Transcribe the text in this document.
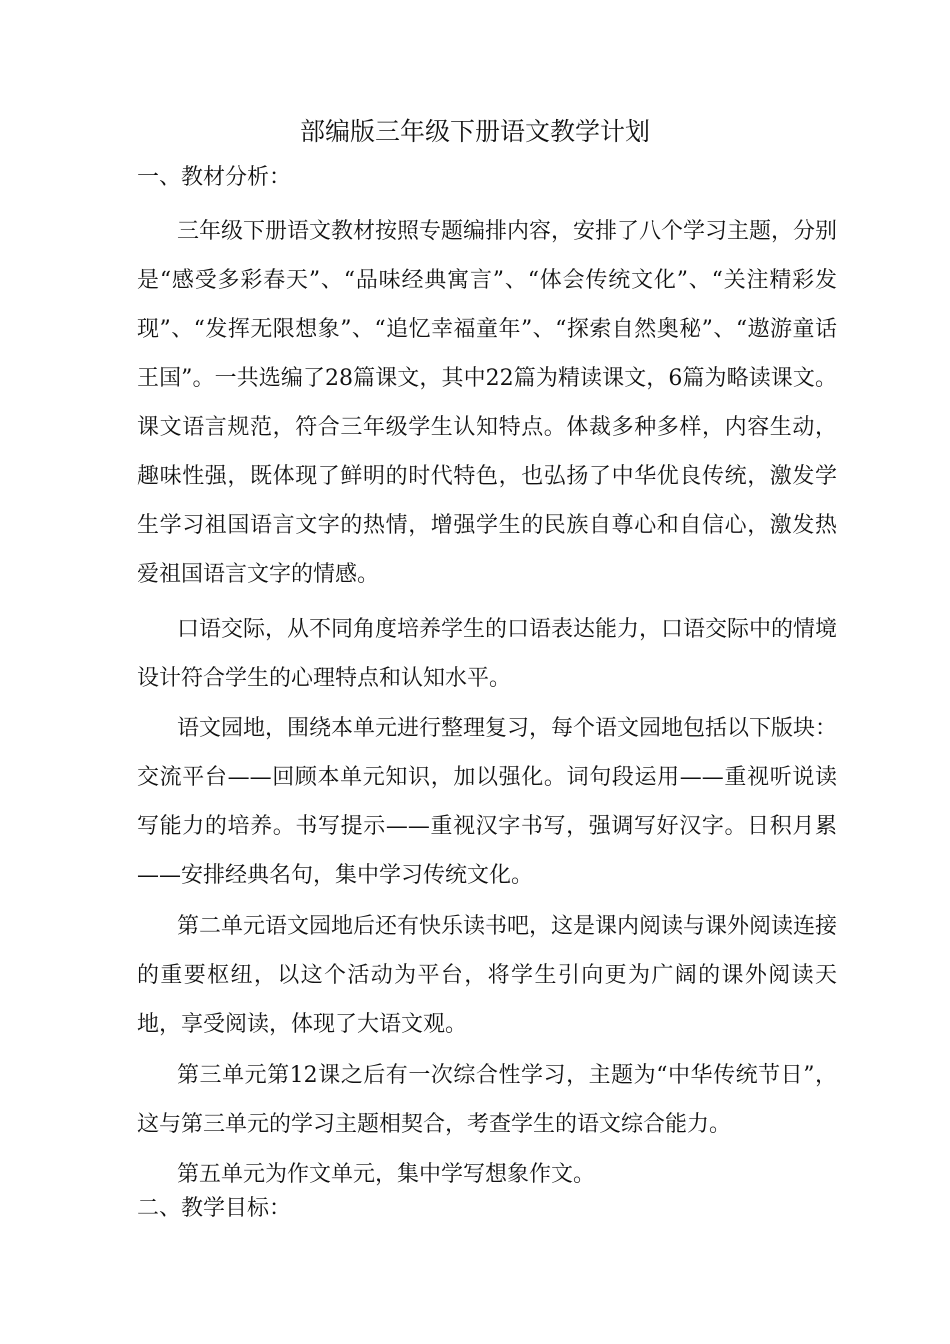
部编版三年级下册语文教学计划
一、教材分析：

三年级下册语文教材按照专题编排内容，安排了八个学习主题，分别是“感受多彩春天”、“品味经典寓言”、“体会传统文化”、“关注精彩发现”、“发挥无限想象”、“追忆幸福童年”、“探索自然奥秘”、“遨游童话王国”。一共选编了28篇课文，其中22篇为精读课文，6篇为略读课文。课文语言规范，符合三年级学生认知特点。体裁多种多样，内容生动，趣味性强，既体现了鲜明的时代特色，也弘扬了中华优良传统，激发学生学习祖国语言文字的热情，增强学生的民族自尊心和自信心，激发热爱祖国语言文字的情感。

口语交际，从不同角度培养学生的口语表达能力，口语交际中的情境设计符合学生的心理特点和认知水平。

语文园地，围绕本单元进行整理复习，每个语文园地包括以下版块：交流平台——回顾本单元知识，加以强化。词句段运用——重视听说读写能力的培养。书写提示——重视汉字书写，强调写好汉字。日积月累——安排经典名句，集中学习传统文化。

第二单元语文园地后还有快乐读书吧，这是课内阅读与课外阅读连接的重要枢纽，以这个活动为平台，将学生引向更为广阔的课外阅读天地，享受阅读，体现了大语文观。

第三单元第12课之后有一次综合性学习，主题为“中华传统节日”，这与第三单元的学习主题相契合，考查学生的语文综合能力。

第五单元为作文单元，集中学写想象作文。

二、教学目标：
